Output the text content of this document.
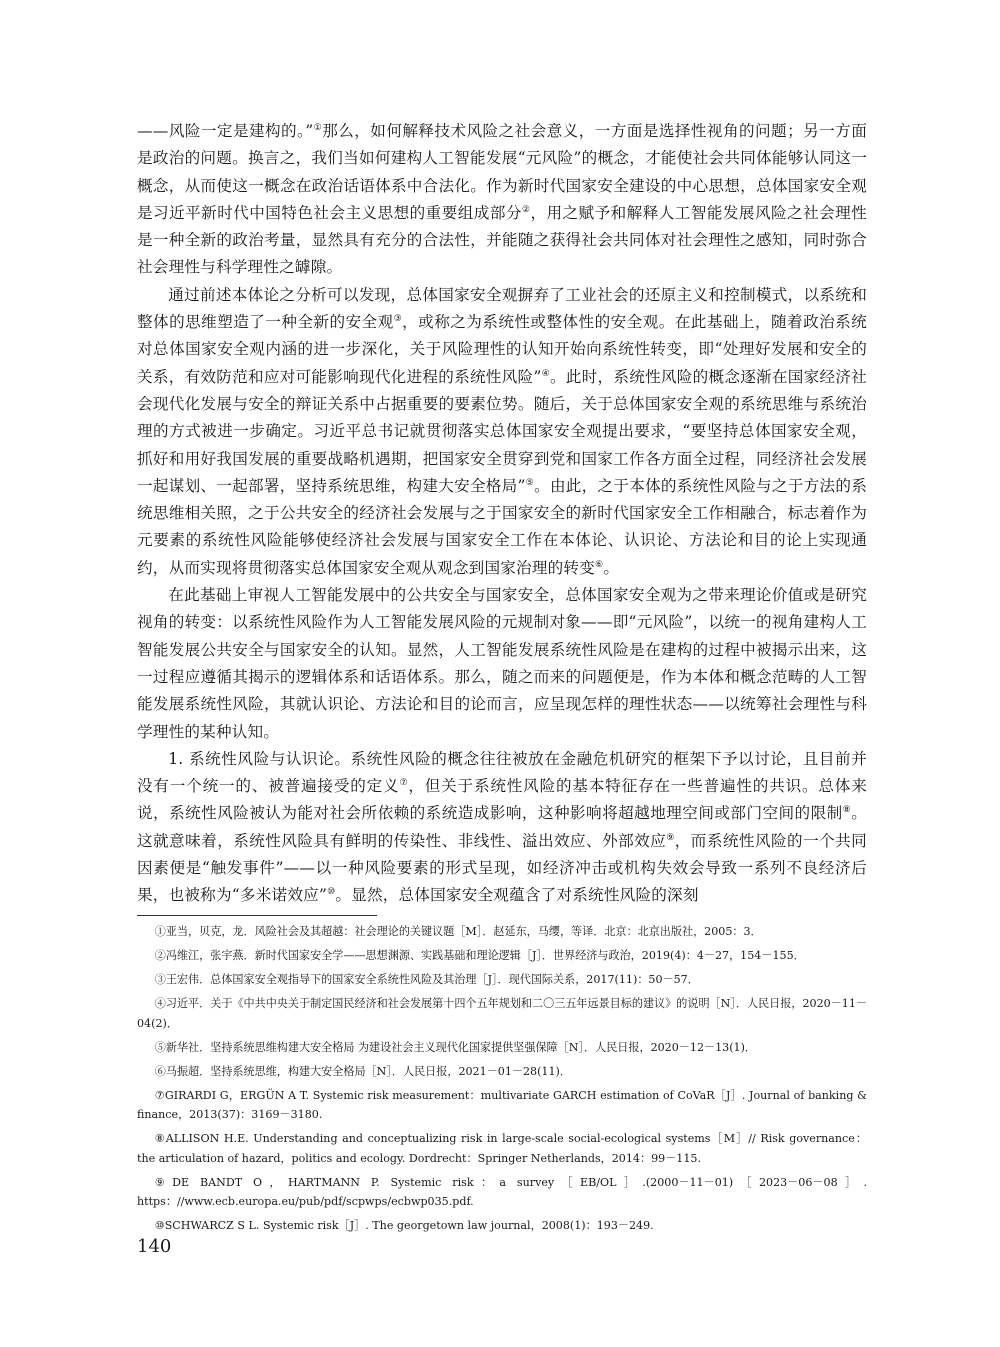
——风险一定是建构的。”①那么，如何解释技术风险之社会意义，一方面是选择性视角的问题；另一方面是政治的问题。换言之，我们当如何建构人工智能发展“元风险”的概念，才能使社会共同体能够认同这一概念，从而使这一概念在政治话语体系中合法化。作为新时代国家安全建设的中心思想，总体国家安全观是习近平新时代中国特色社会主义思想的重要组成部分②，用之赋予和解释人工智能发展风险之社会理性是一种全新的政治考量，显然具有充分的合法性，并能随之获得社会共同体对社会理性之感知，同时弥合社会理性与科学理性之罅隙。

通过前述本体论之分析可以发现，总体国家安全观摒弃了工业社会的还原主义和控制模式，以系统和整体的思维塑造了一种全新的安全观③，或称之为系统性或整体性的安全观。在此基础上，随着政治系统对总体国家安全观内涵的进一步深化，关于风险理性的认知开始向系统性转变，即“处理好发展和安全的关系，有效防范和应对可能影响现代化进程的系统性风险”④。此时，系统性风险的概念逐渐在国家经济社会现代化发展与安全的辩证关系中占据重要的要素位势。随后，关于总体国家安全观的系统思维与系统治理的方式被进一步确定。习近平总书记就贯彻落实总体国家安全观提出要求，“要坚持总体国家安全观，抓好和用好我国发展的重要战略机遇期，把国家安全贯穿到党和国家工作各方面全过程，同经济社会发展一起谋划、一起部署，坚持系统思维，构建大安全格局”⑤。由此，之于本体的系统性风险与之于方法的系统思维相关照，之于公共安全的经济社会发展与之于国家安全的新时代国家安全工作相融合，标志着作为元要素的系统性风险能够使经济社会发展与国家安全工作在本体论、认识论、方法论和目的论上实现通约，从而实现将贯彻落实总体国家安全观从观念到国家治理的转变⑥。

在此基础上审视人工智能发展中的公共安全与国家安全，总体国家安全观为之带来理论价值或是研究视角的转变：以系统性风险作为人工智能发展风险的元规制对象——即“元风险”，以统一的视角建构人工智能发展公共安全与国家安全的认知。显然，人工智能发展系统性风险是在建构的过程中被揭示出来，这一过程应遵循其揭示的逻辑体系和话语体系。那么，随之而来的问题便是，作为本体和概念范畴的人工智能发展系统性风险，其就认识论、方法论和目的论而言，应呈现怎样的理性状态——以统筹社会理性与科学理性的某种认知。

1. 系统性风险与认识论。系统性风险的概念往往被放在金融危机研究的框架下予以讨论，且目前并没有一个统一的、被普遍接受的定义⑦，但关于系统性风险的基本特征存在一些普遍性的共识。总体来说，系统性风险被认为能对社会所依赖的系统造成影响，这种影响将超越地理空间或部门空间的限制⑧。这就意味着，系统性风险具有鲜明的传染性、非线性、溢出效应、外部效应⑨，而系统性风险的一个共同因素便是“触发事件”——以一种风险要素的形式呈现，如经济冲击或机构失效会导致一系列不良经济后果，也被称为“多米诺效应”⑩。显然，总体国家安全观蕴含了对系统性风险的深刻

①亚当，贝克，龙．风险社会及其超越：社会理论的关键议题［M］．赵延东，马缨，等译．北京：北京出版社，2005：3．

②冯维江，张宇燕．新时代国家安全学——思想渊源、实践基础和理论逻辑［J］．世界经济与政治，2019(4)：4－27，154－155．

③王宏伟．总体国家安全观指导下的国家安全系统性风险及其治理［J］．现代国际关系，2017(11)：50－57．

④习近平．关于《中共中央关于制定国民经济和社会发展第十四个五年规划和二〇三五年远景目标的建议》的说明［N］．人民日报，2020－11－04(2)．

⑤新华社．坚持系统思维构建大安全格局 为建设社会主义现代化国家提供坚强保障［N］．人民日报，2020－12－13(1)．

⑥马振超．坚持系统思维，构建大安全格局［N］．人民日报，2021－01－28(11)．

⑦GIRARDI G，ERGÜN A T. Systemic risk measurement：multivariate GARCH estimation of CoVaR［J］. Journal of banking & finance，2013(37)：3169－3180.

⑧ALLISON H.E. Understanding and conceptualizing risk in large-scale social-ecological systems［M］// Risk governance：the articulation of hazard，politics and ecology. Dordrecht：Springer Netherlands，2014：99－115.

⑨DE BANDT O，HARTMANN P. Systemic risk：a survey［EB/OL］.(2000－11－01)［2023－06－08］. https：//www.ecb.europa.eu/pub/pdf/scpwps/ecbwp035.pdf.

⑩SCHWARCZ S L. Systemic risk［J］. The georgetown law journal，2008(1)：193－249.

140
